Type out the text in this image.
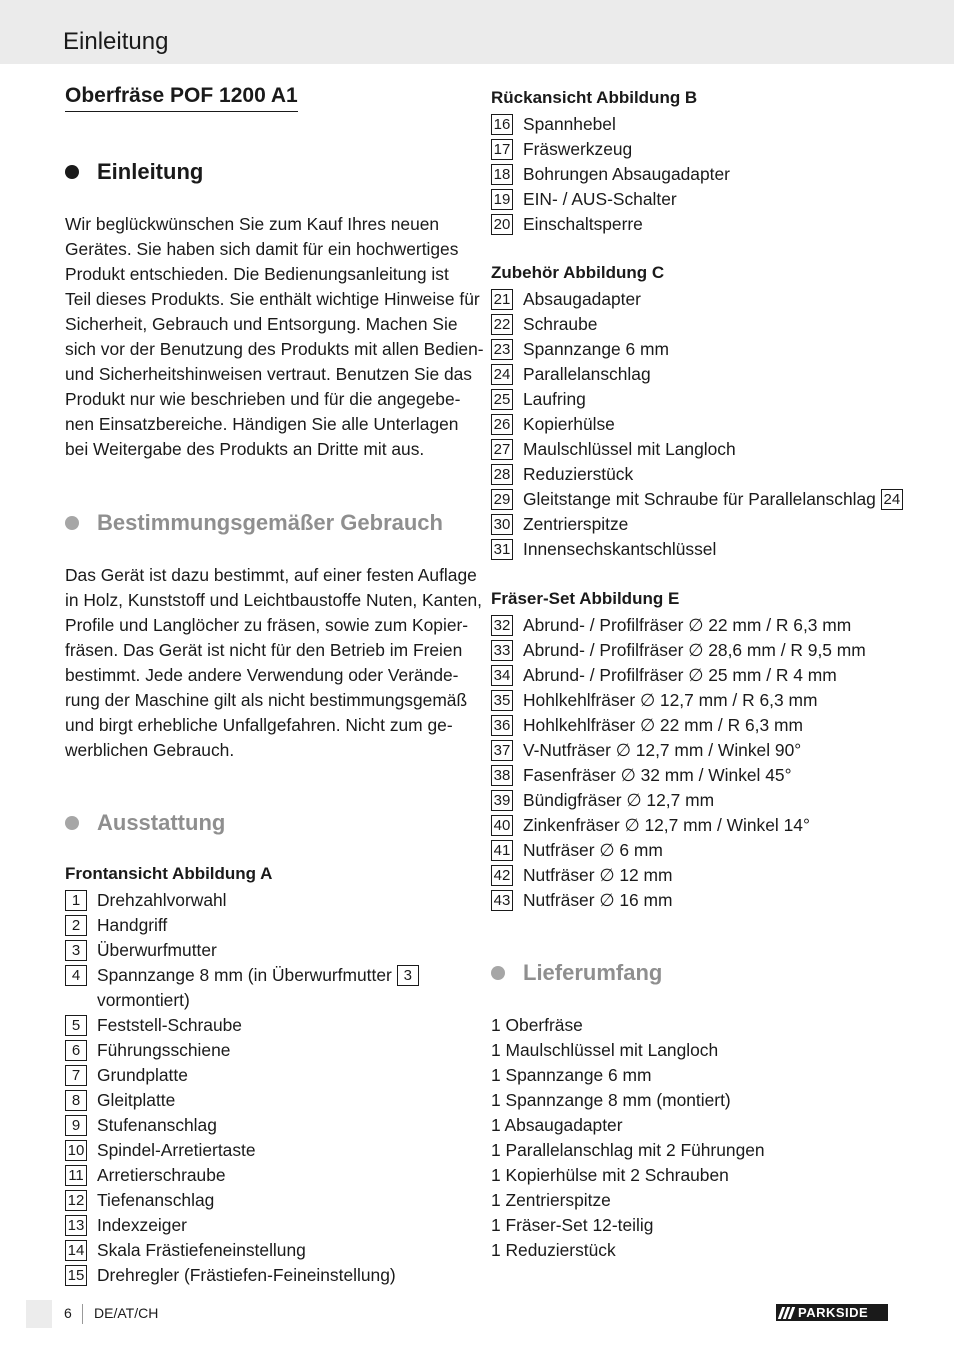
Einleitung
Oberfräse POF 1200 A1
Einleitung
Wir beglückwünschen Sie zum Kauf Ihres neuen
Gerätes. Sie haben sich damit für ein hochwertiges
Produkt entschieden. Die Bedienungsanleitung ist
Teil dieses Produkts. Sie enthält wichtige Hinweise für
Sicherheit, Gebrauch und Entsorgung. Machen Sie
sich vor der Benutzung des Produkts mit allen Bedien-
und Sicherheitshinweisen vertraut. Benutzen Sie das
Produkt nur wie beschrieben und für die angegebe-
nen Einsatzbereiche. Händigen Sie alle Unterlagen
bei Weitergabe des Produkts an Dritte mit aus.
Bestimmungsgemäßer Gebrauch
Das Gerät ist dazu bestimmt, auf einer festen Auflage
in Holz, Kunststoff und Leichtbaustoffe Nuten, Kanten,
Profile und Langlöcher zu fräsen, sowie zum Kopier-
fräsen. Das Gerät ist nicht für den Betrieb im Freien
bestimmt. Jede andere Verwendung oder Verände-
rung der Maschine gilt als nicht bestimmungsgemäß
und birgt erhebliche Unfallgefahren. Nicht zum ge-
werblichen Gebrauch.
Ausstattung
Frontansicht Abbildung A
1 Drehzahlvorwahl
2 Handgriff
3 Überwurfmutter
4 Spannzange 8 mm (in Überwurfmutter 3
vormontiert)
5 Feststell-Schraube
6 Führungsschiene
7 Grundplatte
8 Gleitplatte
9 Stufenanschlag
10 Spindel-Arretiertaste
11 Arretierschraube
12 Tiefenanschlag
13 Indexzeiger
14 Skala Frästiefeneinstellung
15 Drehregler (Frästiefen-Feineinstellung)
Rückansicht Abbildung B
16 Spannhebel
17 Fräswerkzeug
18 Bohrungen Absaugadapter
19 EIN- / AUS-Schalter
20 Einschaltsperre
Zubehör Abbildung C
21 Absaugadapter
22 Schraube
23 Spannzange 6 mm
24 Parallelanschlag
25 Laufring
26 Kopierhülse
27 Maulschlüssel mit Langloch
28 Reduzierstück
29 Gleitstange mit Schraube für Parallelanschlag 24
30 Zentrierspitze
31 Innensechskantschlüssel
Fräser-Set Abbildung E
32 Abrund- / Profilfräser ∅ 22 mm / R 6,3 mm
33 Abrund- / Profilfräser ∅ 28,6 mm / R 9,5 mm
34 Abrund- / Profilfräser ∅ 25 mm / R 4 mm
35 Hohlkehlfräser ∅ 12,7 mm / R 6,3 mm
36 Hohlkehlfräser ∅ 22 mm / R 6,3 mm
37 V-Nutfräser ∅ 12,7 mm / Winkel 90°
38 Fasenfräser ∅ 32 mm / Winkel 45°
39 Bündigfräser ∅ 12,7 mm
40 Zinkenfräser ∅ 12,7 mm / Winkel 14°
41 Nutfräser ∅ 6 mm
42 Nutfräser ∅ 12 mm
43 Nutfräser ∅ 16 mm
Lieferumfang
1 Oberfräse
1 Maulschlüssel mit Langloch
1 Spannzange 6 mm
1 Spannzange 8 mm (montiert)
1 Absaugadapter
1 Parallelanschlag mit 2 Führungen
1 Kopierhülse mit 2 Schrauben
1 Zentrierspitze
1 Fräser-Set 12-teilig
1 Reduzierstück
6 DE/AT/CH	PARKSIDE
